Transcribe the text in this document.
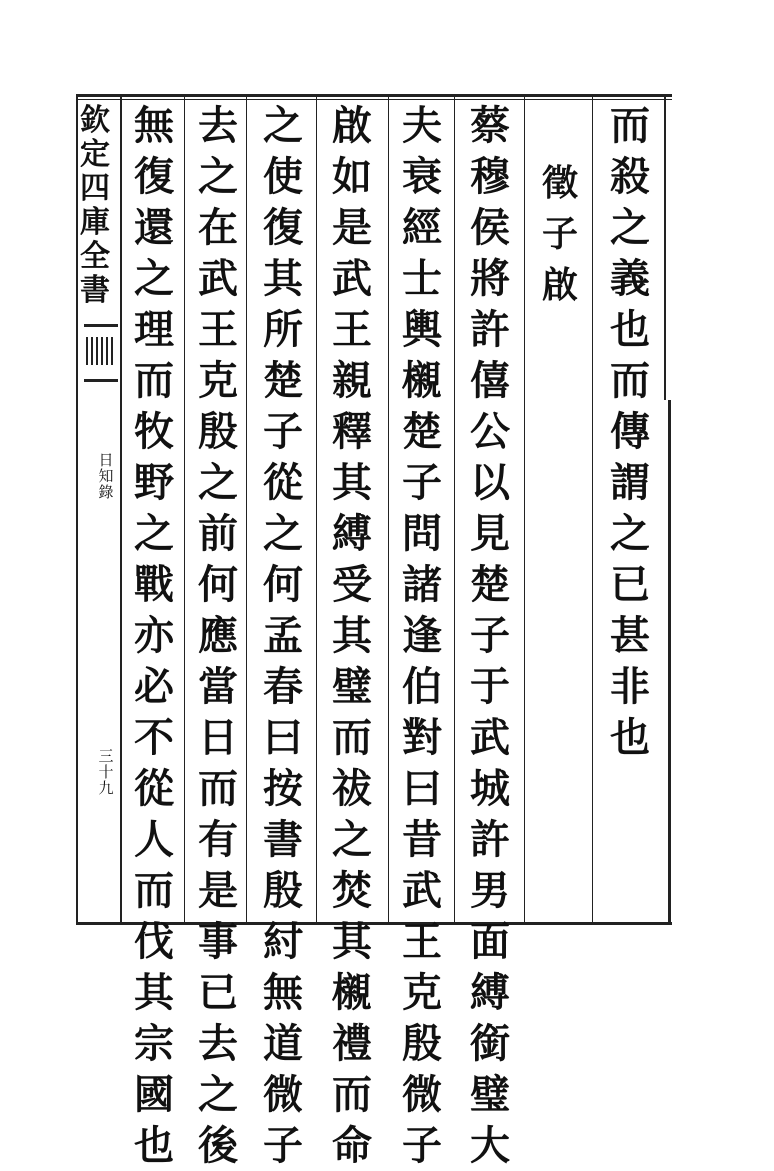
欽定四庫全書
日
知
錄
三
十
九
而
殺
之
義
也
而
傳
謂
之
已
甚
非
也
徵
子
啟
蔡
穆
侯
將
許
僖
公
以
見
楚
子
于
武
城
許
男
面
縛
銜
璧
大
夫
衰
經
士
輿
櫬
楚
子
問
諸
逢
伯
對
曰
昔
武
王
克
殷
微
子
啟
如
是
武
王
親
釋
其
縛
受
其
璧
而
祓
之
焚
其
櫬
禮
而
命
之
使
復
其
所
楚
子
從
之
何
孟
春
曰
按
書
殷
紂
無
道
微
子
去
之
在
武
王
克
殷
之
前
何
應
當
日
而
有
是
事
已
去
之
後
無
復
還
之
理
而
牧
野
之
戰
亦
必
不
從
人
而
伐
其
宗
國
也
